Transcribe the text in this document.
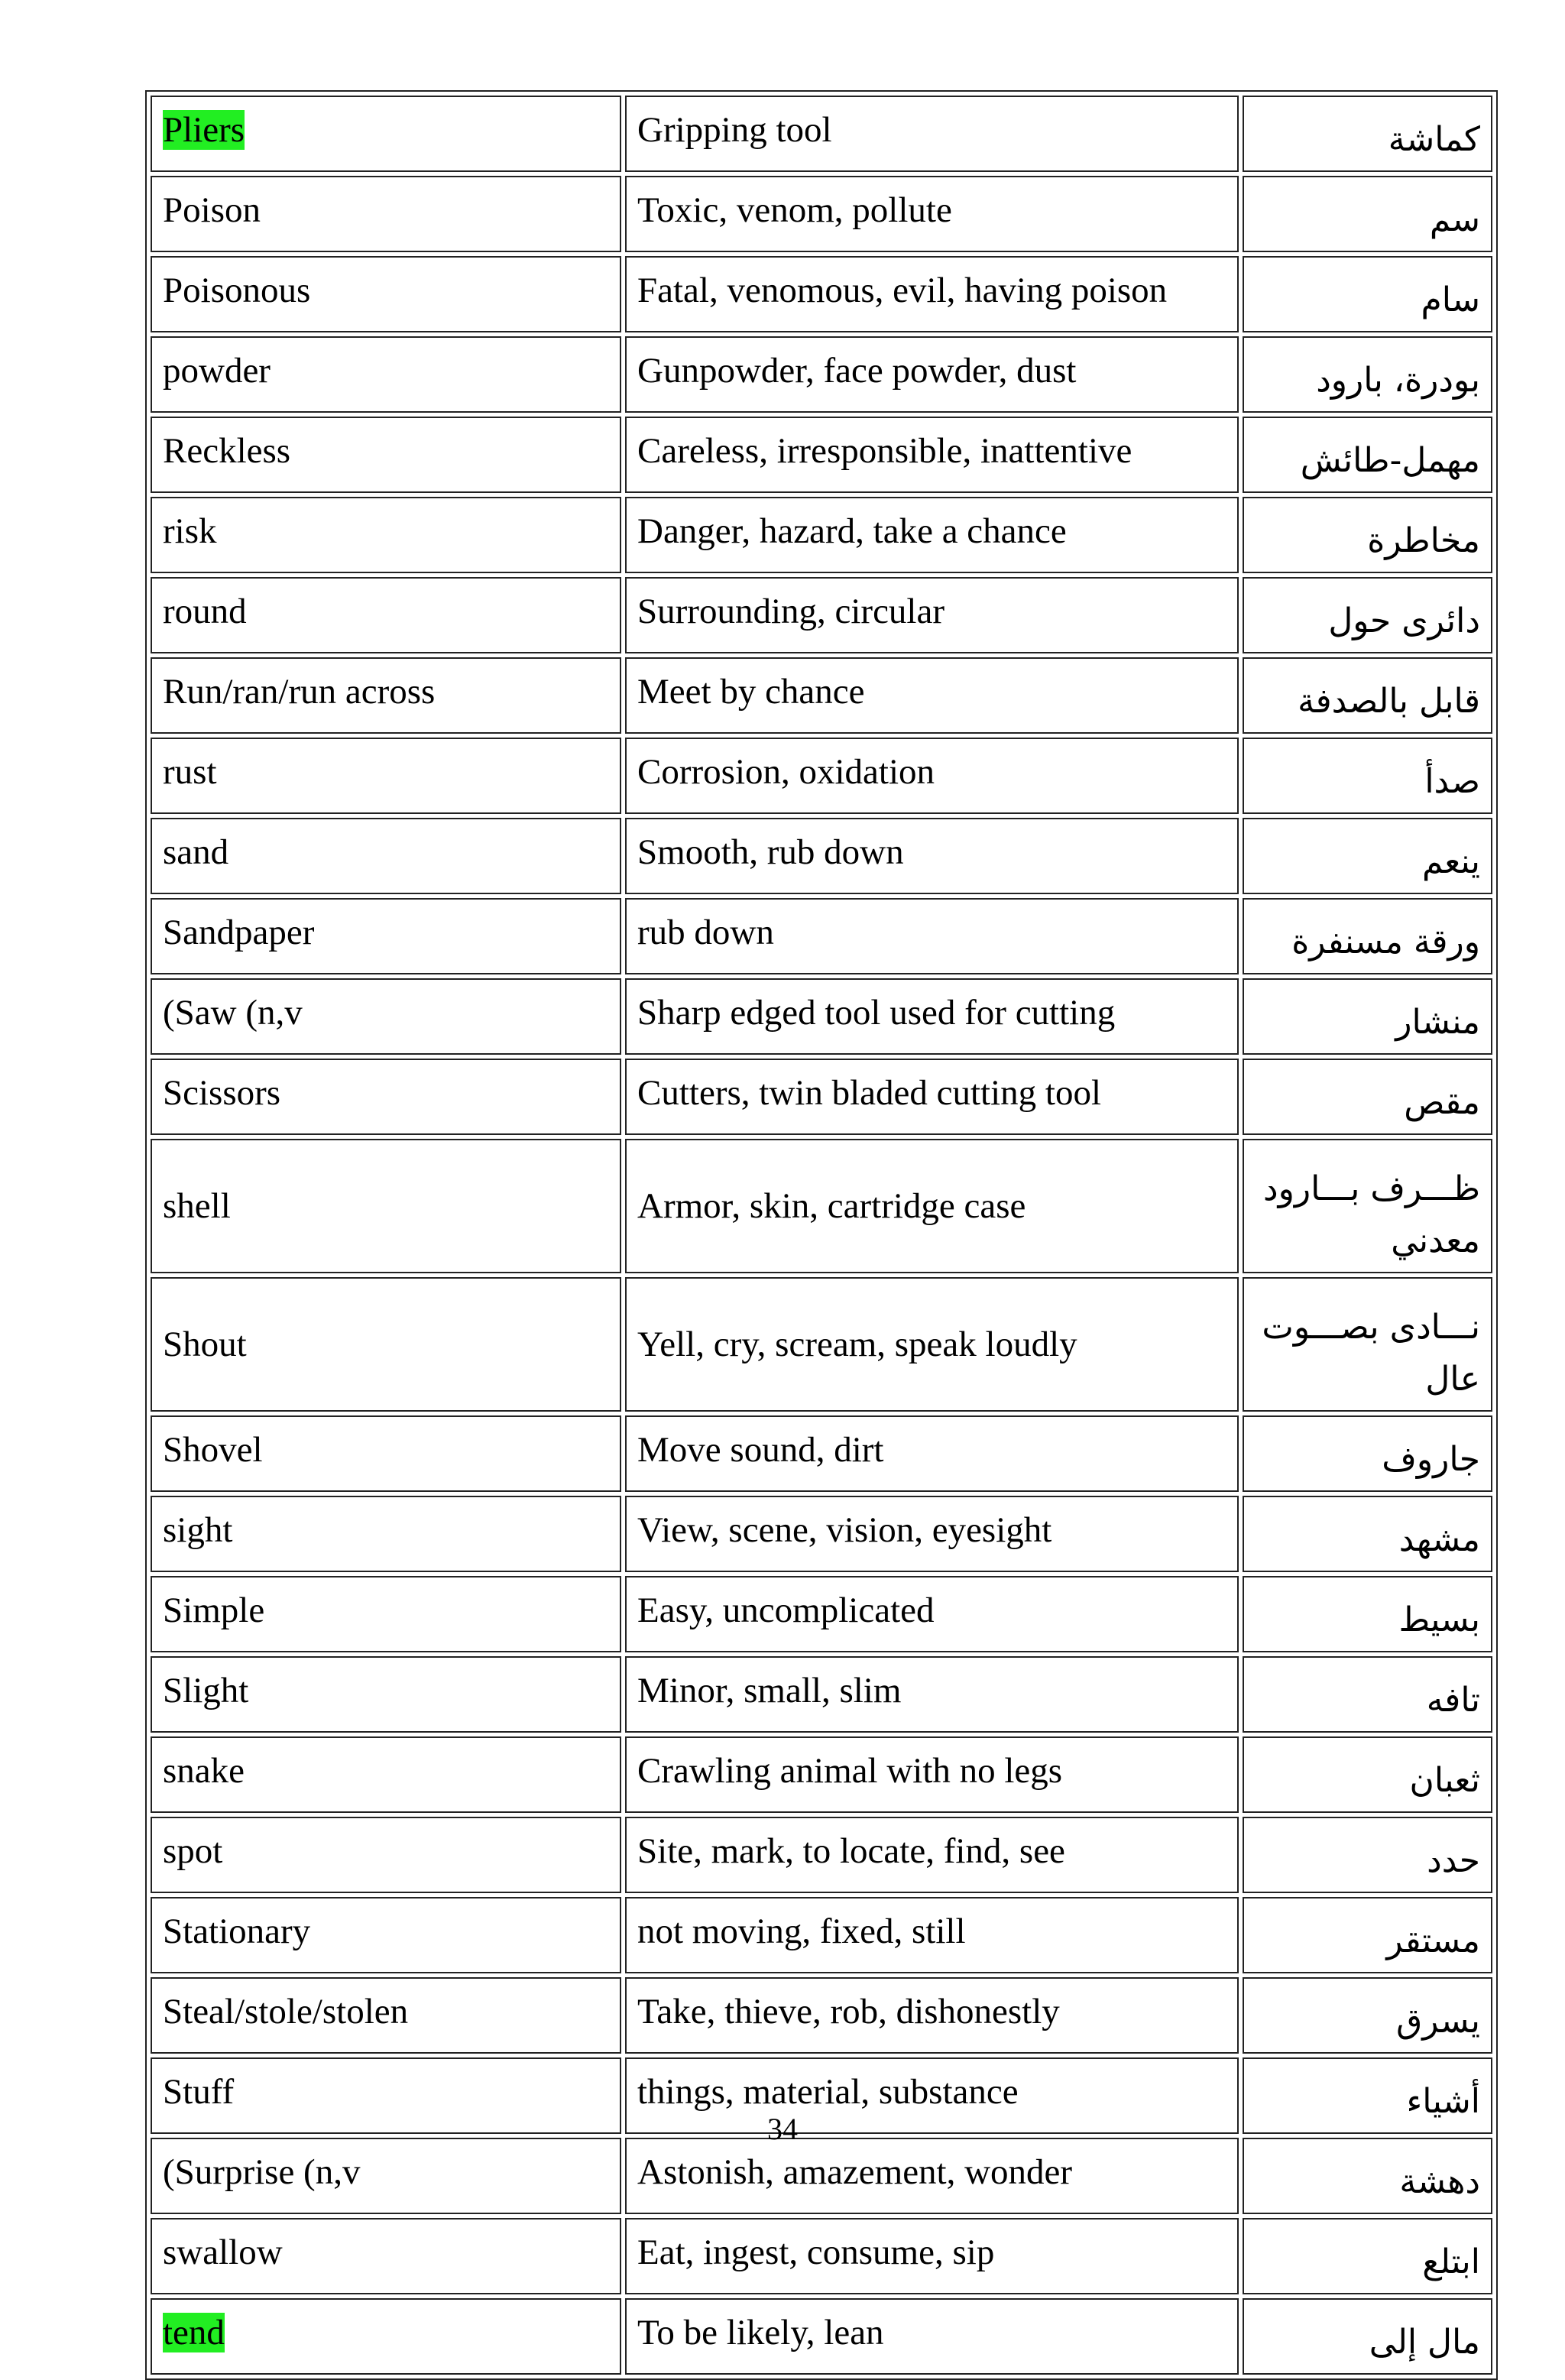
Pliers	Gripping tool	كماشة
Poison	Toxic, venom, pollute	سم
Poisonous	Fatal, venomous, evil, having poison	سام
powder	Gunpowder, face powder, dust	بودرة، بارود
Reckless	Careless, irresponsible, inattentive	مهمل-طائش
risk	Danger, hazard, take a chance	مخاطرة
round	Surrounding, circular	دائرى حول
Run/ran/run across	Meet by chance	قابل بالصدفة
rust	Corrosion, oxidation	صدأ
sand	Smooth, rub down	ينعم
Sandpaper	rub down	ورقة مسنفرة
(Saw (n,v	Sharp edged tool used for cutting	منشار
Scissors	Cutters, twin bladed cutting tool	مقص
shell	Armor, skin, cartridge case	ظـــرف بـــارود معدني
Shout	Yell, cry, scream, speak loudly	نـــادى بصـــوت عال
Shovel	Move sound, dirt	جاروف
sight	View, scene, vision, eyesight	مشهد
Simple	Easy, uncomplicated	بسيط
Slight	Minor, small, slim	تافه
snake	Crawling animal with no legs	ثعبان
spot	Site, mark, to locate, find, see	حدد
Stationary	not moving, fixed, still	مستقر
Steal/stole/stolen	Take, thieve, rob, dishonestly	يسرق
Stuff	things, material, substance	أشياء
(Surprise (n,v	Astonish, amazement, wonder	دهشة
swallow	Eat, ingest, consume, sip	ابتلع
tend	To be likely, lean	مال إلى
34
